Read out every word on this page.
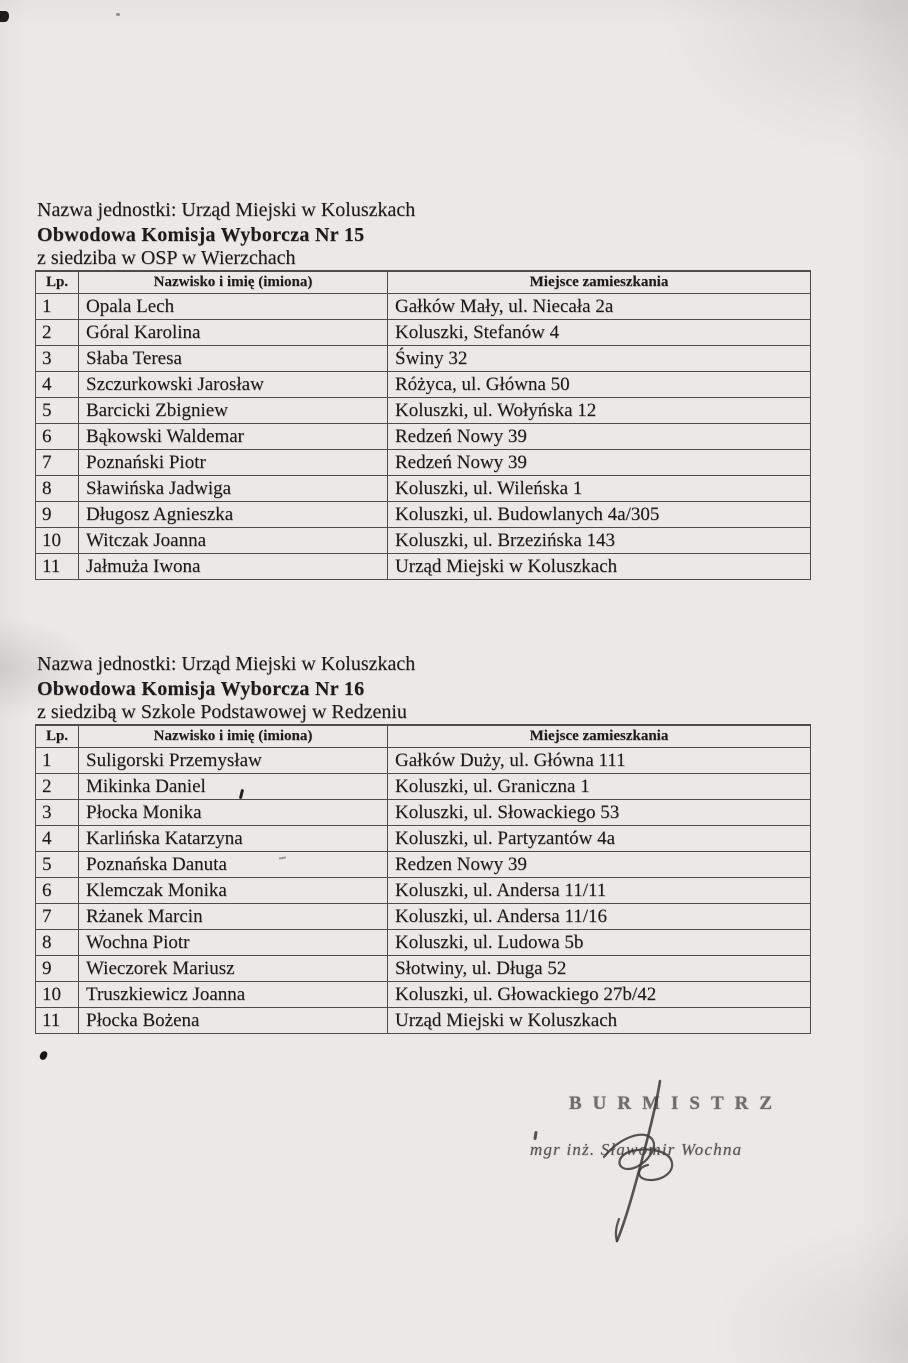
Nazwa jednostki: Urząd Miejski w Koluszkach
Obwodowa Komisja Wyborcza Nr 15
z siedziba w OSP w Wierzchach
Lp.	Nazwisko i imię (imiona)	Miejsce zamieszkania
1	Opala Lech	Gałków Mały, ul. Niecała 2a
2	Góral Karolina	Koluszki, Stefanów 4
3	Słaba Teresa	Świny 32
4	Szczurkowski Jarosław	Różyca, ul. Główna 50
5	Barcicki Zbigniew	Koluszki, ul. Wołyńska 12
6	Bąkowski Waldemar	Redzeń Nowy 39
7	Poznański Piotr	Redzeń Nowy 39
8	Sławińska Jadwiga	Koluszki, ul. Wileńska 1
9	Długosz Agnieszka	Koluszki, ul. Budowlanych 4a/305
10	Witczak Joanna	Koluszki, ul. Brzezińska 143
11	Jałmuża Iwona	Urząd Miejski w Koluszkach
Nazwa jednostki: Urząd Miejski w Koluszkach
Obwodowa Komisja Wyborcza Nr 16
z siedzibą w Szkole Podstawowej w Redzeniu
Lp.	Nazwisko i imię (imiona)	Miejsce zamieszkania
1	Suligorski Przemysław	Gałków Duży, ul. Główna 111
2	Mikinka Daniel	Koluszki, ul. Graniczna 1
3	Płocka Monika	Koluszki, ul. Słowackiego 53
4	Karlińska Katarzyna	Koluszki, ul. Partyzantów 4a
5	Poznańska Danuta	Redzen Nowy 39
6	Klemczak Monika	Koluszki, ul. Andersa 11/11
7	Rżanek Marcin	Koluszki, ul. Andersa 11/16
8	Wochna Piotr	Koluszki, ul. Ludowa 5b
9	Wieczorek Mariusz	Słotwiny, ul. Długa 52
10	Truszkiewicz Joanna	Koluszki, ul. Głowackiego 27b/42
11	Płocka Bożena	Urząd Miejski w Koluszkach
BURMISTRZ
mgr inż. Sławomir Wochna
